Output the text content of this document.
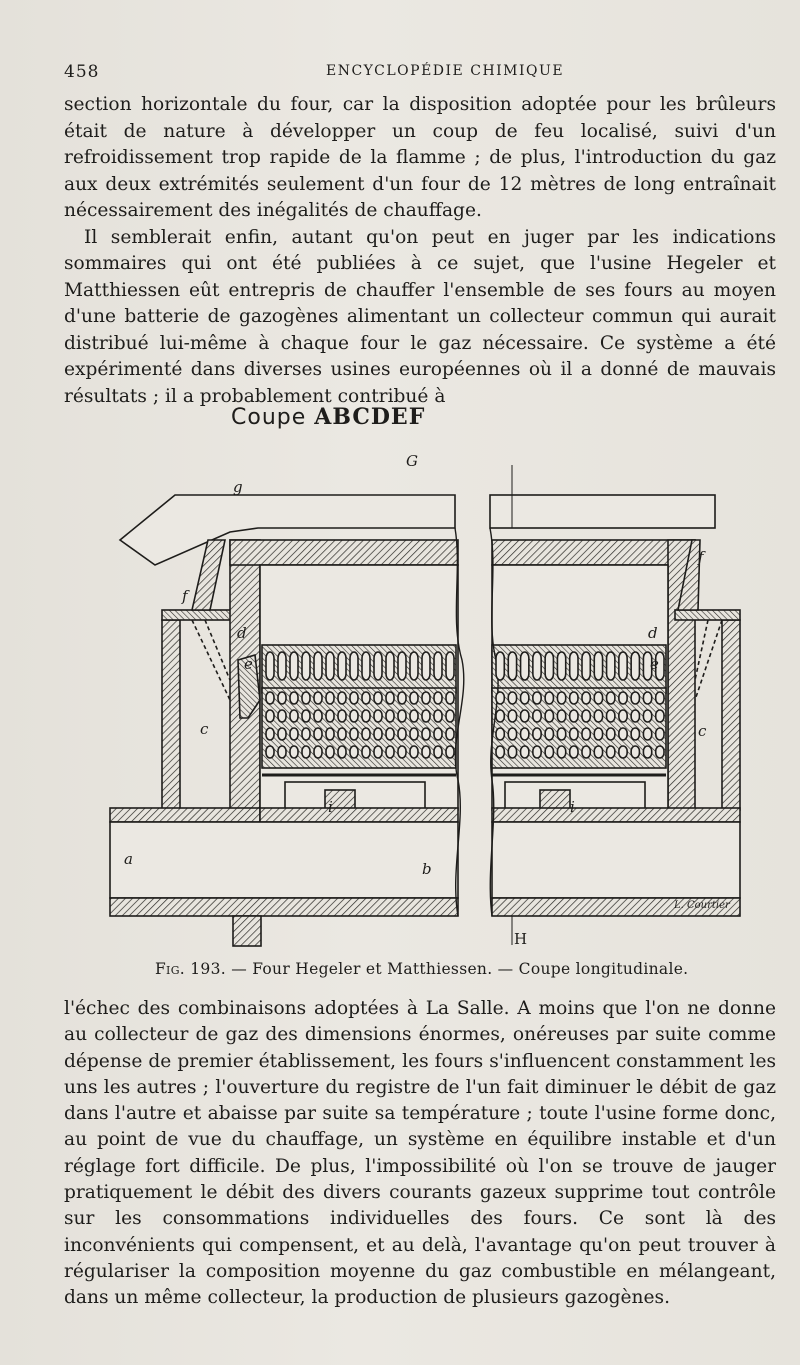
458	ENCYCLOPÉDIE CHIMIQUE

section horizontale du four, car la disposition adoptée pour les brûleurs était de nature à développer un coup de feu localisé, suivi d'un refroidissement trop rapide de la flamme ; de plus, l'introduction du gaz aux deux extrémités seulement d'un four de 12 mètres de long entraînait nécessairement des inégalités de chauffage.

Il semblerait enfin, autant qu'on peut en juger par les indications sommaires qui ont été publiées à ce sujet, que l'usine Hegeler et Matthiessen eût entrepris de chauffer l'ensemble de ses fours au moyen d'une batterie de gazogènes alimentant un collecteur commun qui aurait distribué lui-même à chaque four le gaz nécessaire. Ce système a été expérimenté dans diverses usines européennes où il a donné de mauvais résultats ; il a probablement contribué à

Coupe ABCDEF
G
g
f
f
d	d
e	e
c	c
i	i
a
b
L. Courtier
H
Fig. 193. — Four Hegeler et Matthiessen. — Coupe longitudinale.

l'échec des combinaisons adoptées à La Salle. A moins que l'on ne donne au collecteur de gaz des dimensions énormes, onéreuses par suite comme dépense de premier établissement, les fours s'influencent constamment les uns les autres ; l'ouverture du registre de l'un fait diminuer le débit de gaz dans l'autre et abaisse par suite sa température ; toute l'usine forme donc, au point de vue du chauffage, un système en équilibre instable et d'un réglage fort difficile. De plus, l'impossibilité où l'on se trouve de jauger pratiquement le débit des divers courants gazeux supprime tout contrôle sur les consommations individuelles des fours. Ce sont là des inconvénients qui compensent, et au delà, l'avantage qu'on peut trouver à régulariser la composition moyenne du gaz combustible en mélangeant, dans un même collecteur, la production de plusieurs gazogènes.
